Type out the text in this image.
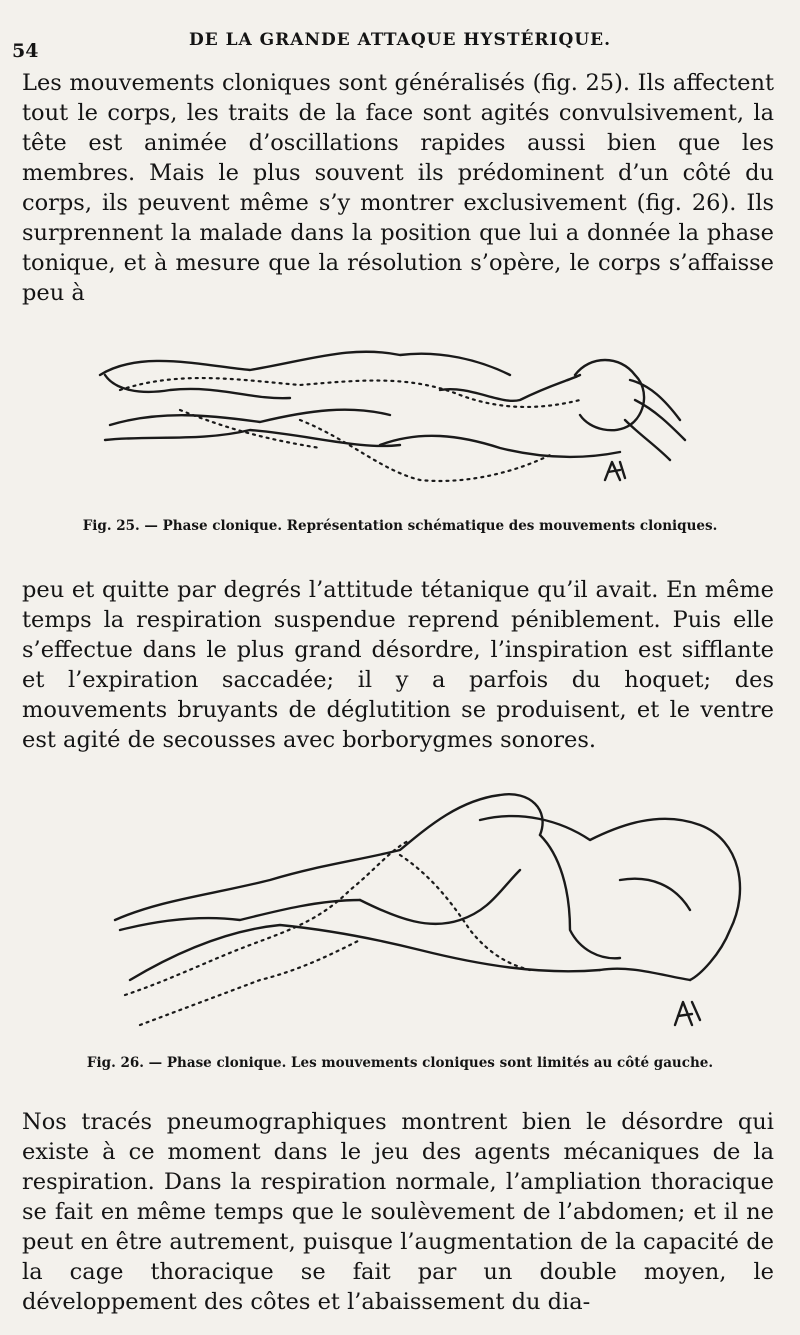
54	DE LA GRANDE ATTAQUE HYSTÉRIQUE.

Les mouvements cloniques sont généralisés (fig. 25). Ils affectent tout le corps, les traits de la face sont agités convulsivement, la tête est animée d’oscillations rapides aussi bien que les membres. Mais le plus souvent ils prédominent d’un côté du corps, ils peuvent même s’y montrer exclusivement (fig. 26). Ils surprennent la malade dans la position que lui a donnée la phase tonique, et à mesure que la résolution s’opère, le corps s’affaisse peu à

Fig. 25. — Phase clonique. Représentation schématique des mouvements cloniques.

peu et quitte par degrés l’attitude tétanique qu’il avait. En même temps la respiration suspendue reprend péniblement. Puis elle s’effectue dans le plus grand désordre, l’inspiration est sifflante et l’expiration saccadée; il y a parfois du hoquet; des mouvements bruyants de déglutition se produisent, et le ventre est agité de secousses avec borborygmes sonores.

Fig. 26. — Phase clonique. Les mouvements cloniques sont limités au côté gauche.

Nos tracés pneumographiques montrent bien le désordre qui existe à ce moment dans le jeu des agents mécaniques de la respiration. Dans la respiration normale, l’ampliation thoracique se fait en même temps que le soulèvement de l’abdomen; et il ne peut en être autrement, puisque l’augmentation de la capacité de la cage thoracique se fait par un double moyen, le développement des côtes et l’abaissement du dia-
